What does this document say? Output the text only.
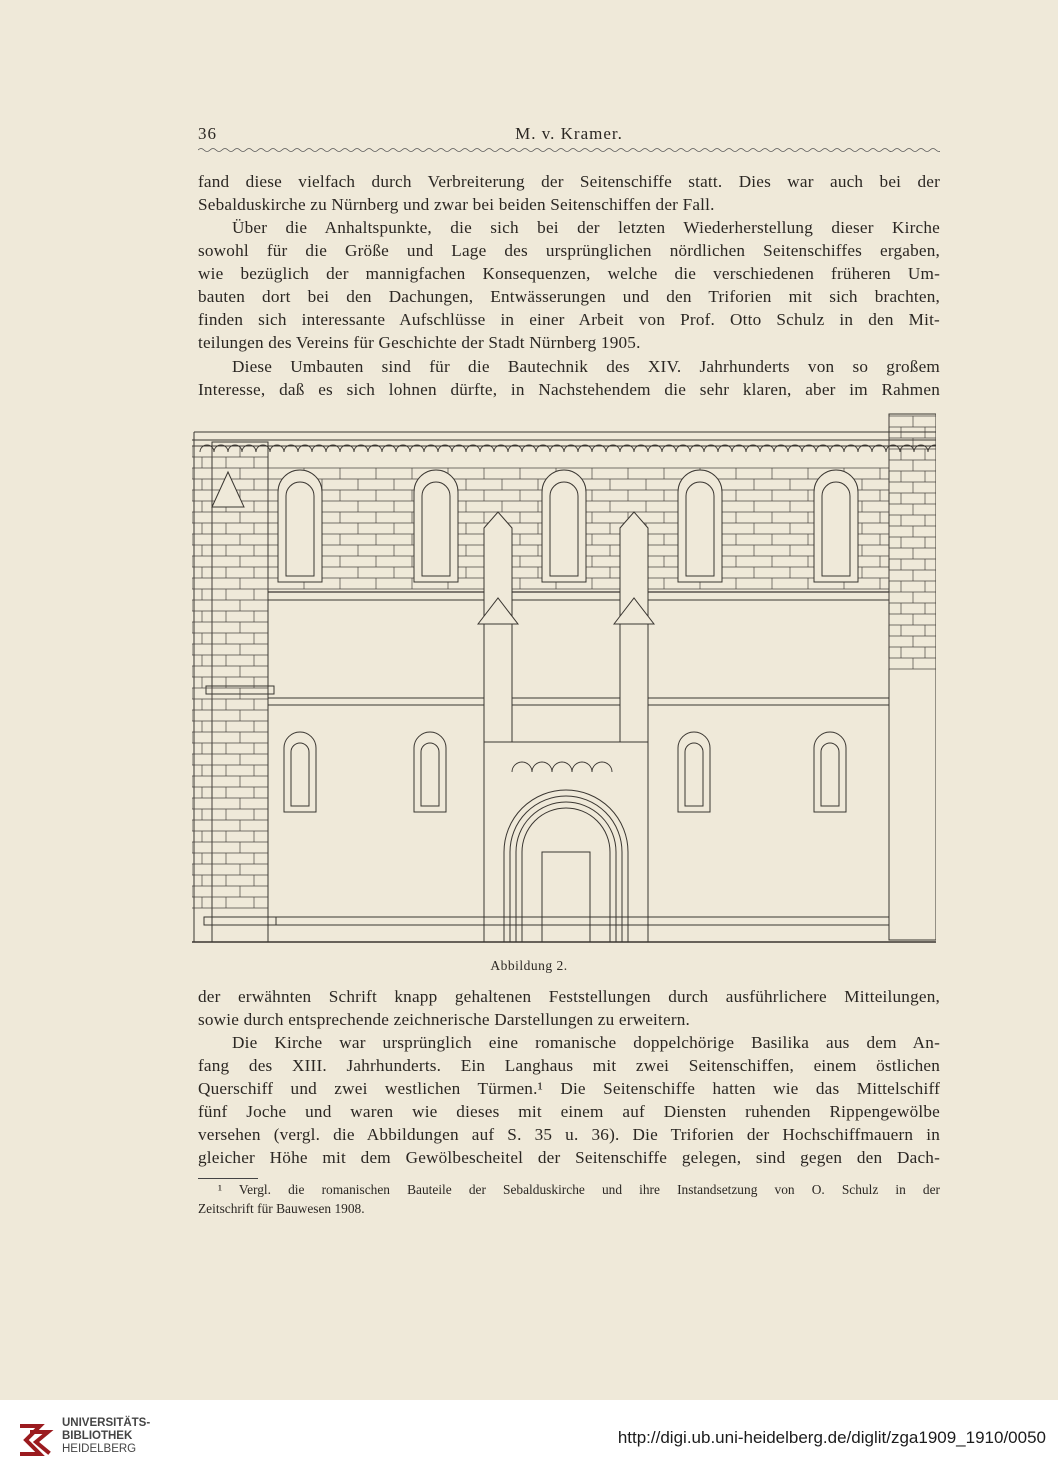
36	M. v. Kramer.
fand diese vielfach durch Verbreiterung der Seitenschiffe statt. Dies war auch bei der
Sebalduskirche zu Nürnberg und zwar bei beiden Seitenschiffen der Fall.
Über die Anhaltspunkte, die sich bei der letzten Wiederherstellung dieser Kirche
sowohl für die Größe und Lage des ursprünglichen nördlichen Seitenschiffes ergaben,
wie bezüglich der mannigfachen Konsequenzen, welche die verschiedenen früheren Um-
bauten dort bei den Dachungen, Entwässerungen und den Triforien mit sich brachten,
finden sich interessante Aufschlüsse in einer Arbeit von Prof. Otto Schulz in den Mit-
teilungen des Vereins für Geschichte der Stadt Nürnberg 1905.
Diese Umbauten sind für die Bautechnik des XIV. Jahrhunderts von so großem
Interesse, daß es sich lohnen dürfte, in Nachstehendem die sehr klaren, aber im Rahmen
Abbildung 2.
der erwähnten Schrift knapp gehaltenen Feststellungen durch ausführlichere Mitteilungen,
sowie durch entsprechende zeichnerische Darstellungen zu erweitern.
Die Kirche war ursprünglich eine romanische doppelchörige Basilika aus dem An-
fang des XIII. Jahrhunderts. Ein Langhaus mit zwei Seitenschiffen, einem östlichen
Querschiff und zwei westlichen Türmen.¹ Die Seitenschiffe hatten wie das Mittelschiff
fünf Joche und waren wie dieses mit einem auf Diensten ruhenden Rippengewölbe
versehen (vergl. die Abbildungen auf S. 35 u. 36). Die Triforien der Hochschiffmauern in
gleicher Höhe mit dem Gewölbescheitel der Seitenschiffe gelegen, sind gegen den Dach-
¹ Vergl. die romanischen Bauteile der Sebalduskirche und ihre Instandsetzung von O. Schulz in der
Zeitschrift für Bauwesen 1908.
UNIVERSITÄTS-
BIBLIOTHEK
HEIDELBERG
http://digi.ub.uni-heidelberg.de/diglit/zga1909_1910/0050
